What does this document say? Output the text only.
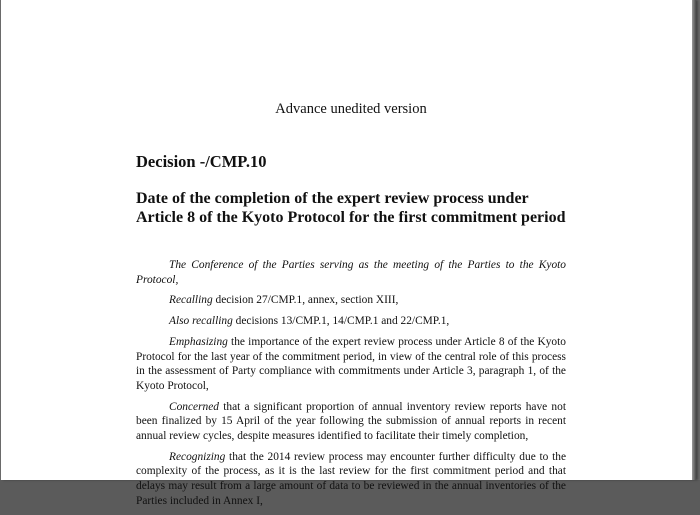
Advance unedited version
Decision -/CMP.10
Date of the completion of the expert review process under Article 8 of the Kyoto Protocol for the first commitment period

The Conference of the Parties serving as the meeting of the Parties to the Kyoto Protocol,

Recalling decision 27/CMP.1, annex, section XIII,

Also recalling decisions 13/CMP.1, 14/CMP.1 and 22/CMP.1,

Emphasizing the importance of the expert review process under Article 8 of the Kyoto Protocol for the last year of the commitment period, in view of the central role of this process in the assessment of Party compliance with commitments under Article 3, paragraph 1, of the Kyoto Protocol,

Concerned that a significant proportion of annual inventory review reports have not been finalized by 15 April of the year following the submission of annual reports in recent annual review cycles, despite measures identified to facilitate their timely completion,

Recognizing that the 2014 review process may encounter further difficulty due to the complexity of the process, as it is the last review for the first commitment period and that delays may result from a large amount of data to be reviewed in the annual inventories of the Parties included in Annex I,
